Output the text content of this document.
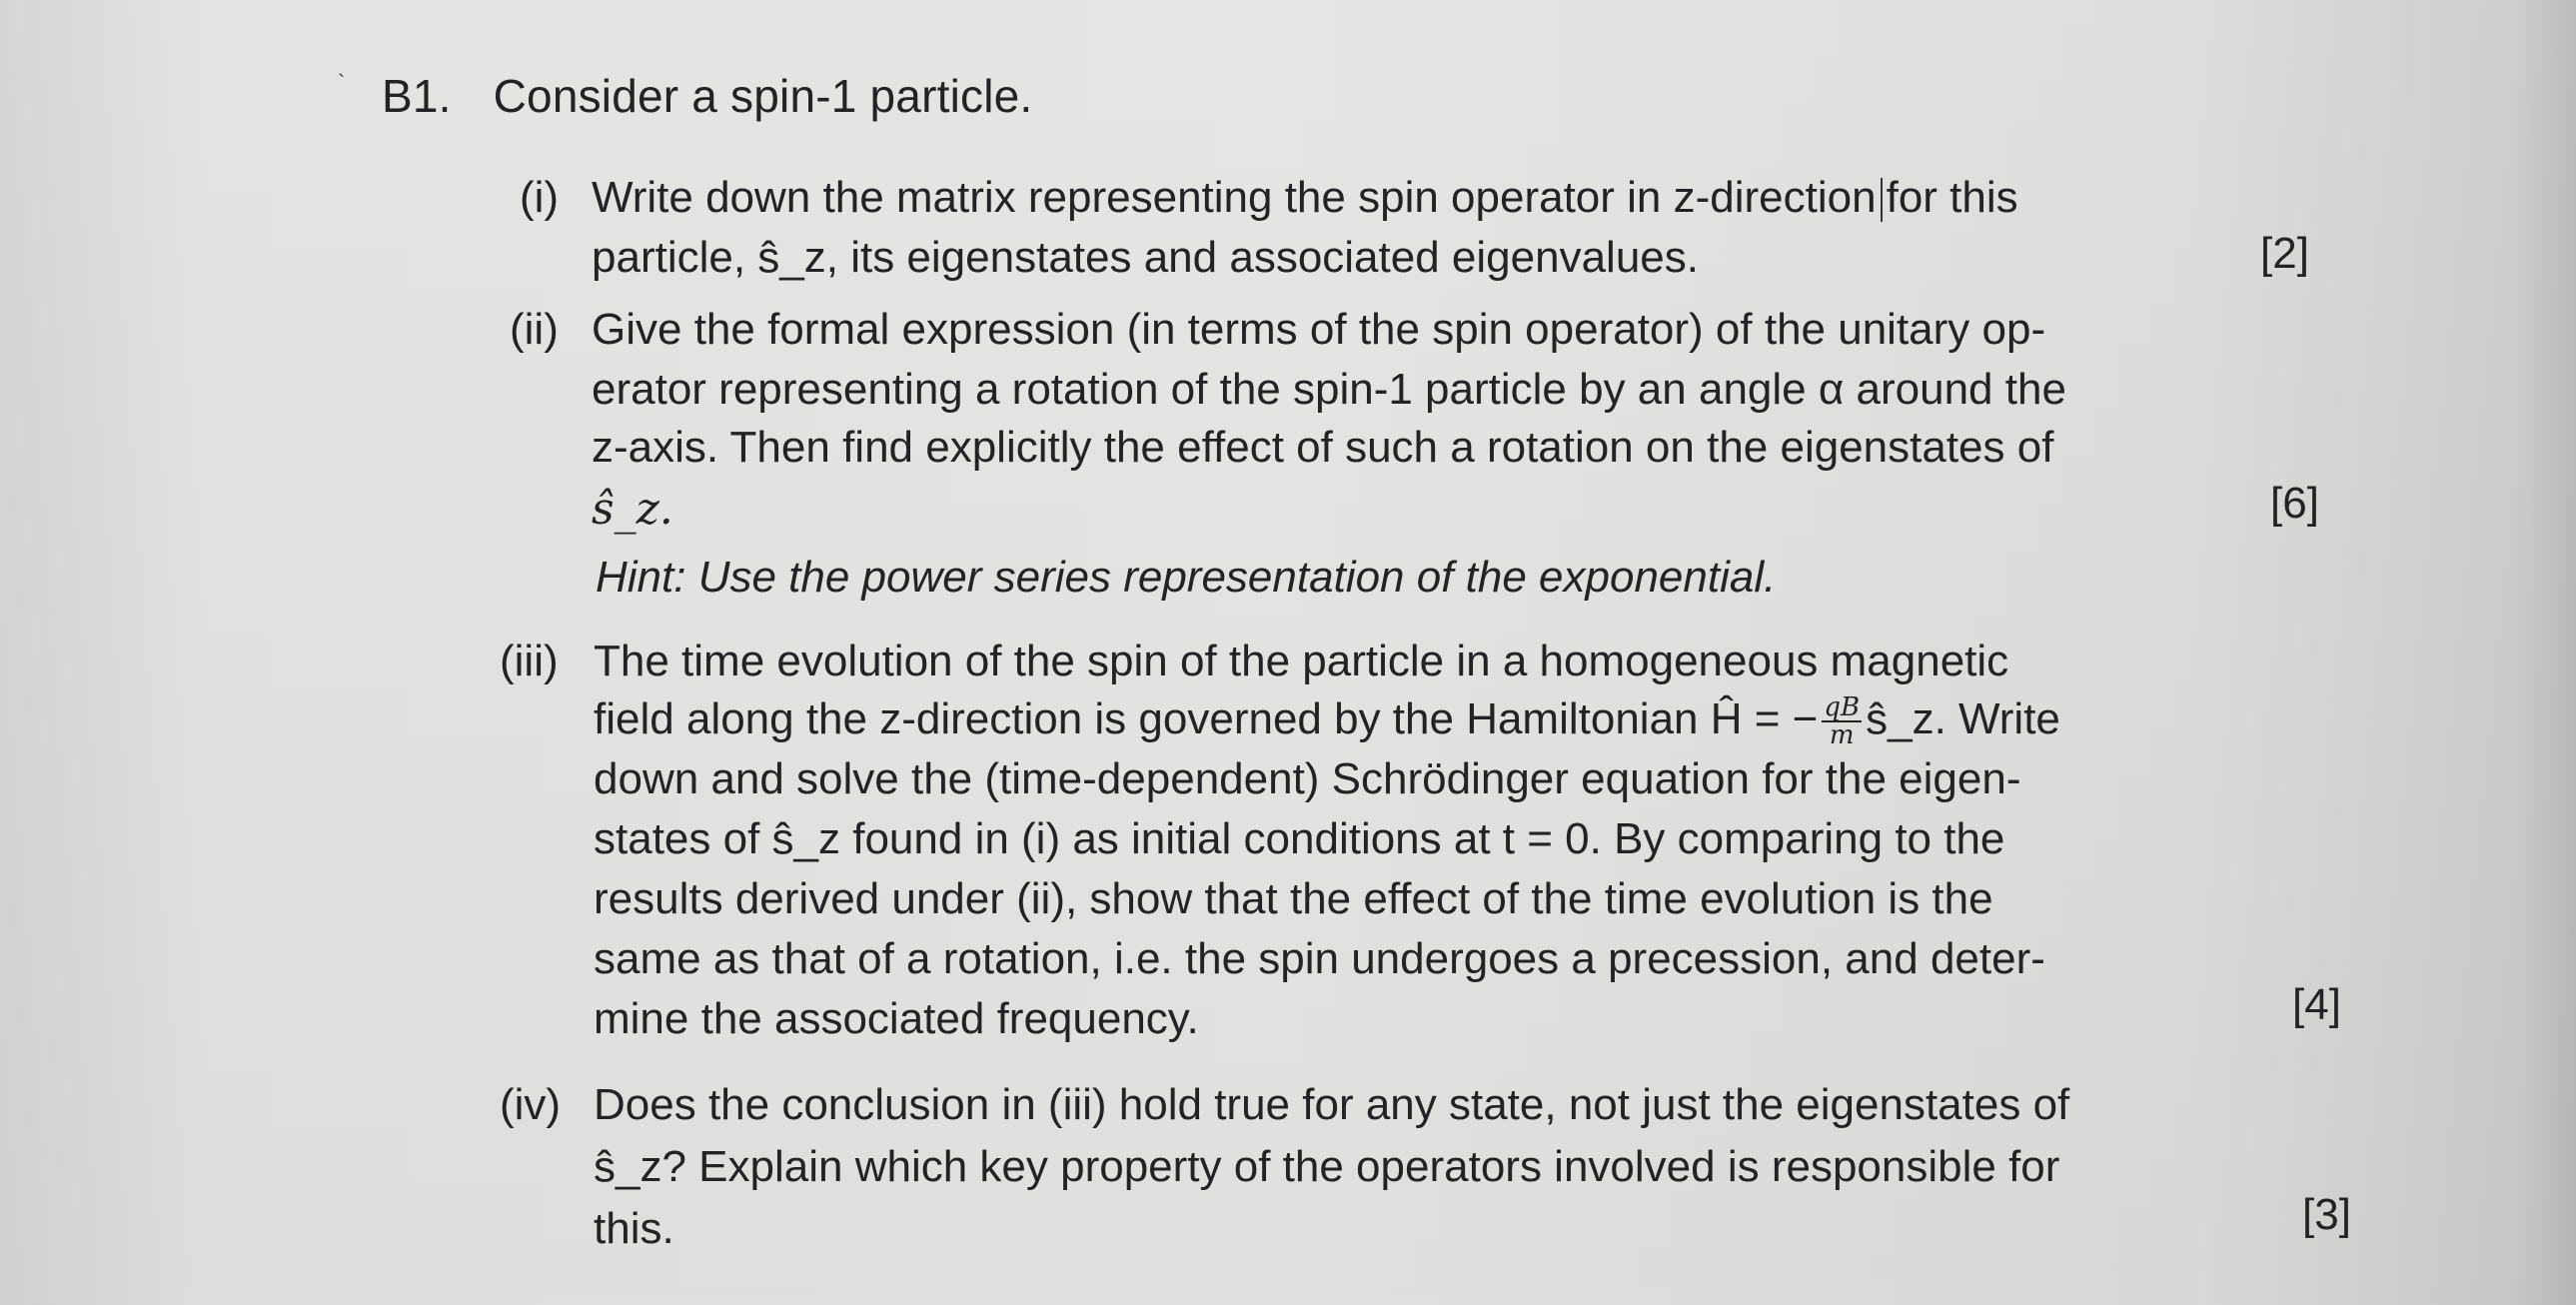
` B1. Consider a spin-1 particle.
(i) Write down the matrix representing the spin operator in z-direction for this
particle, ŝ_z, its eigenstates and associated eigenvalues.	[2]
(ii) Give the formal expression (in terms of the spin operator) of the unitary op-
erator representing a rotation of the spin-1 particle by an angle α around the
z-axis. Then find explicitly the effect of such a rotation on the eigenstates of
ŝ_z.	[6]
Hint: Use the power series representation of the exponential.
(iii) The time evolution of the spin of the particle in a homogeneous magnetic
field along the z-direction is governed by the Hamiltonian Ĥ = − $\frac{qB}{m}$ ŝ_z. Write
down and solve the (time-dependent) Schrödinger equation for the eigen-
states of ŝ_z found in (i) as initial conditions at t = 0. By comparing to the
results derived under (ii), show that the effect of the time evolution is the
same as that of a rotation, i.e. the spin undergoes a precession, and deter-
mine the associated frequency.	[4]
(iv) Does the conclusion in (iii) hold true for any state, not just the eigenstates of
ŝ_z? Explain which key property of the operators involved is responsible for
this.	[3]
